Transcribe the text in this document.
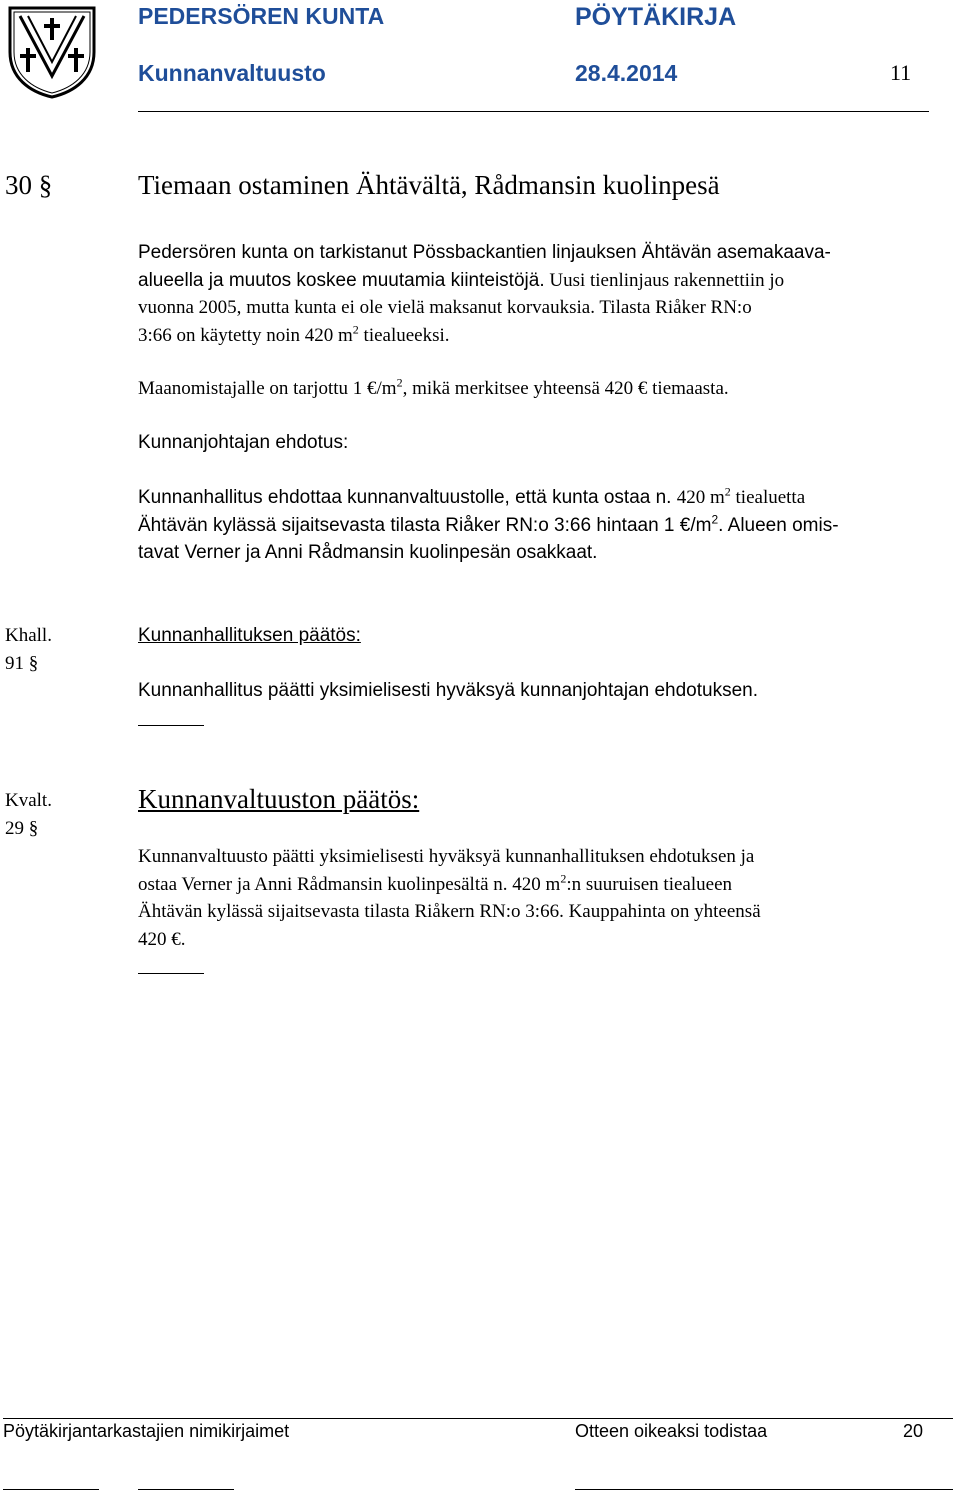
PEDERSÖREN KUNTA	PÖYTÄKIRJA
Kunnanvaltuusto	28.4.2014	11
30 §	Tiemaan ostaminen Ähtävältä, Rådmansin kuolinpesä
Pedersören kunta on tarkistanut Pössbackantien linjauksen Ähtävän asemakaava-
alueella ja muutos koskee muutamia kiinteistöjä. Uusi tienlinjaus rakennettiin jo
vuonna 2005, mutta kunta ei ole vielä maksanut korvauksia. Tilasta Riåker RN:o
3:66 on käytetty noin 420 $m^2$ tiealueeksi.
Maanomistajalle on tarjottu 1 $€/m^2$, mikä merkitsee yhteensä 420 € tiemaasta.
Kunnanjohtajan ehdotus:
Kunnanhallitus ehdottaa kunnanvaltuustolle, että kunta ostaa n. 420 $m^2$ tiealuetta
Ähtävän kylässä sijaitsevasta tilasta Riåker RN:o 3:66 hintaan 1 $€/m^2$. Alueen omis-
tavat Verner ja Anni Rådmansin kuolinpesän osakkaat.
Khall.
91 §
Kunnanhallituksen päätös:
Kunnanhallitus päätti yksimielisesti hyväksyä kunnanjohtajan ehdotuksen.
Kvalt.
29 §
Kunnanvaltuuston päätös:
Kunnanvaltuusto päätti yksimielisesti hyväksyä kunnanhallituksen ehdotuksen ja
ostaa Verner ja Anni Rådmansin kuolinpesältä n. 420 $m^2:n$ suuruisen tiealueen
Ähtävän kylässä sijaitsevasta tilasta Riåkern RN:o 3:66. Kauppahinta on yhteensä
420 €.
Pöytäkirjantarkastajien nimikirjaimet	Otteen oikeaksi todistaa	20
